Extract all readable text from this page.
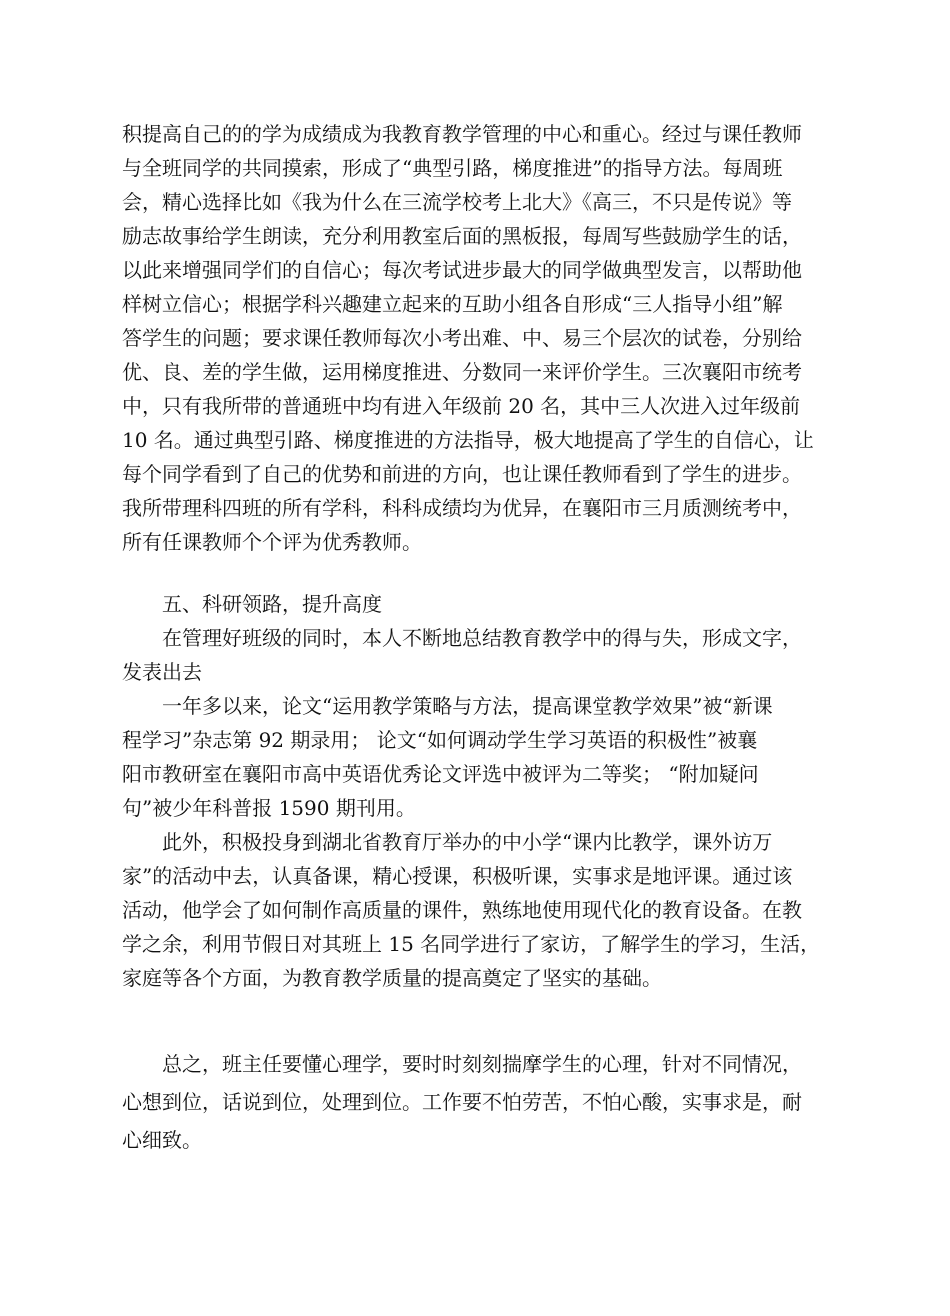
积提高自己的的学为成绩成为我教育教学管理的中心和重心。经过与课任教师

与全班同学的共同摸索，形成了“典型引路，梯度推进”的指导方法。每周班

会，精心选择比如《我为什么在三流学校考上北大》《高三，不只是传说》等

励志故事给学生朗读，充分利用教室后面的黑板报，每周写些鼓励学生的话，

以此来增强同学们的自信心；每次考试进步最大的同学做典型发言，以帮助他

样树立信心；根据学科兴趣建立起来的互助小组各自形成“三人指导小组”解

答学生的问题；要求课任教师每次小考出难、中、易三个层次的试卷，分别给

优、良、差的学生做，运用梯度推进、分数同一来评价学生。三次襄阳市统考

中，只有我所带的普通班中均有进入年级前 20 名，其中三人次进入过年级前

10 名。通过典型引路、梯度推进的方法指导，极大地提高了学生的自信心，让

每个同学看到了自己的优势和前进的方向，也让课任教师看到了学生的进步。

我所带理科四班的所有学科，科科成绩均为优异，在襄阳市三月质测统考中，

所有任课教师个个评为优秀教师。

五、科研领路，提升高度

在管理好班级的同时，本人不断地总结教育教学中的得与失，形成文字，

发表出去

一年多以来，论文“运用教学策略与方法，提高课堂教学效果”被“新课

程学习”杂志第 92 期录用； 论文“如何调动学生学习英语的积极性”被襄

阳市教研室在襄阳市高中英语优秀论文评选中被评为二等奖； “附加疑问

句”被少年科普报 1590 期刊用。

此外，积极投身到湖北省教育厅举办的中小学“课内比教学，课外访万

家”的活动中去，认真备课，精心授课，积极听课，实事求是地评课。通过该

活动，他学会了如何制作高质量的课件，熟练地使用现代化的教育设备。在教

学之余，利用节假日对其班上 15 名同学进行了家访，了解学生的学习，生活，

家庭等各个方面，为教育教学质量的提高奠定了坚实的基础。

总之，班主任要懂心理学，要时时刻刻揣摩学生的心理，针对不同情况，

心想到位，话说到位，处理到位。工作要不怕劳苦，不怕心酸，实事求是，耐

心细致。
